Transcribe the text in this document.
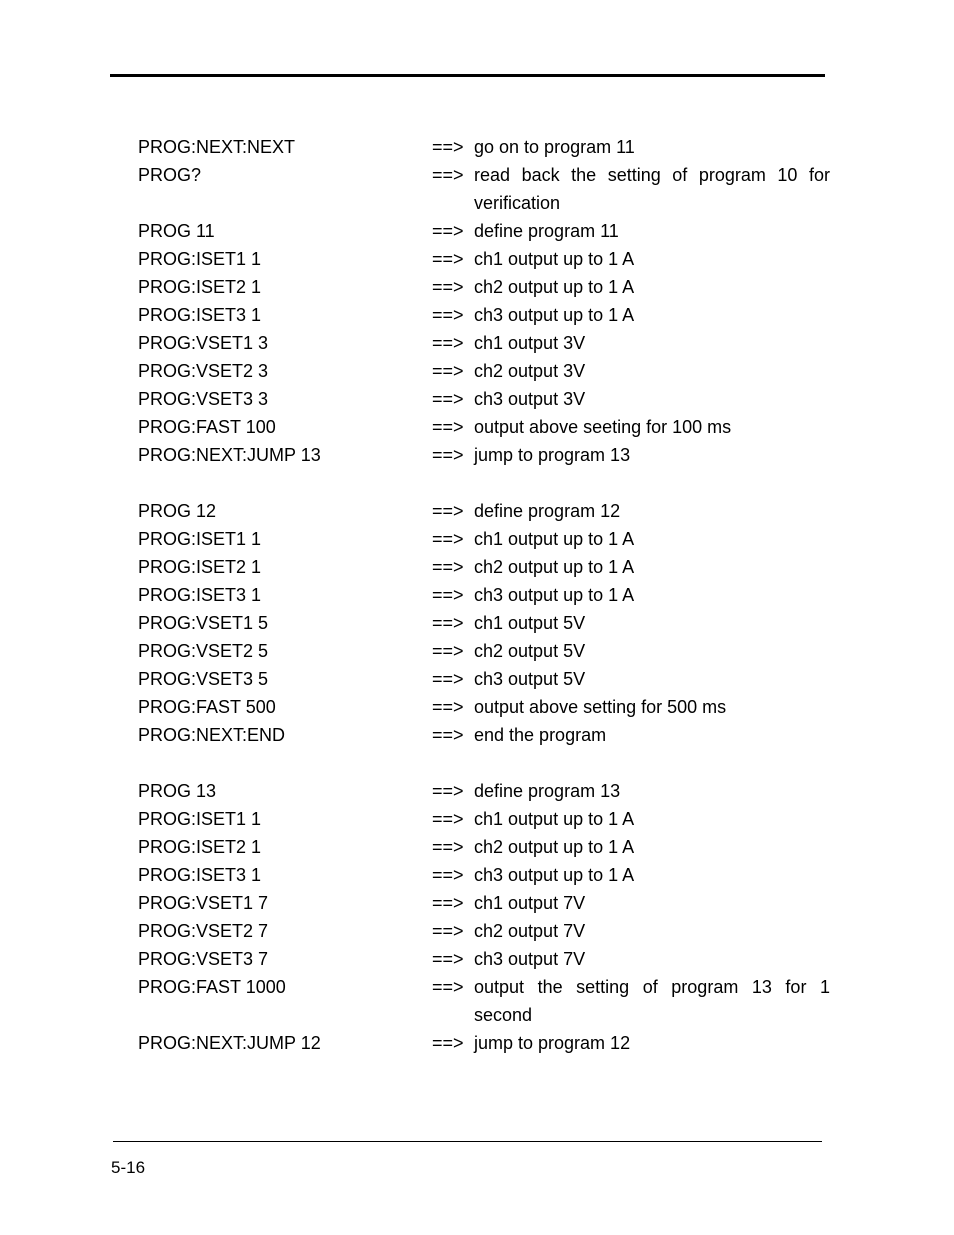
PROG:NEXT:NEXT	==> go on to program 11
PROG?	==> read back the setting of program 10 for verification
PROG 11	==> define program 11
PROG:ISET1 1	==> ch1 output up to 1 A
PROG:ISET2 1	==> ch2 output up to 1 A
PROG:ISET3 1	==> ch3 output up to 1 A
PROG:VSET1 3	==> ch1 output 3V
PROG:VSET2 3	==> ch2 output 3V
PROG:VSET3 3	==> ch3 output 3V
PROG:FAST 100	==> output above seeting for 100 ms
PROG:NEXT:JUMP 13	==> jump to program 13
PROG 12	==> define program 12
PROG:ISET1 1	==> ch1 output up to 1 A
PROG:ISET2 1	==> ch2 output up to 1 A
PROG:ISET3 1	==> ch3 output up to 1 A
PROG:VSET1 5	==> ch1 output 5V
PROG:VSET2 5	==> ch2 output 5V
PROG:VSET3 5	==> ch3 output 5V
PROG:FAST 500	==> output above setting for 500 ms
PROG:NEXT:END	==> end the program
PROG 13	==> define program 13
PROG:ISET1 1	==> ch1 output up to 1 A
PROG:ISET2 1	==> ch2 output up to 1 A
PROG:ISET3 1	==> ch3 output up to 1 A
PROG:VSET1 7	==> ch1 output 7V
PROG:VSET2 7	==> ch2 output 7V
PROG:VSET3 7	==> ch3 output 7V
PROG:FAST 1000	==> output the setting of program 13 for 1 second
PROG:NEXT:JUMP 12	==> jump to program 12
5-16
